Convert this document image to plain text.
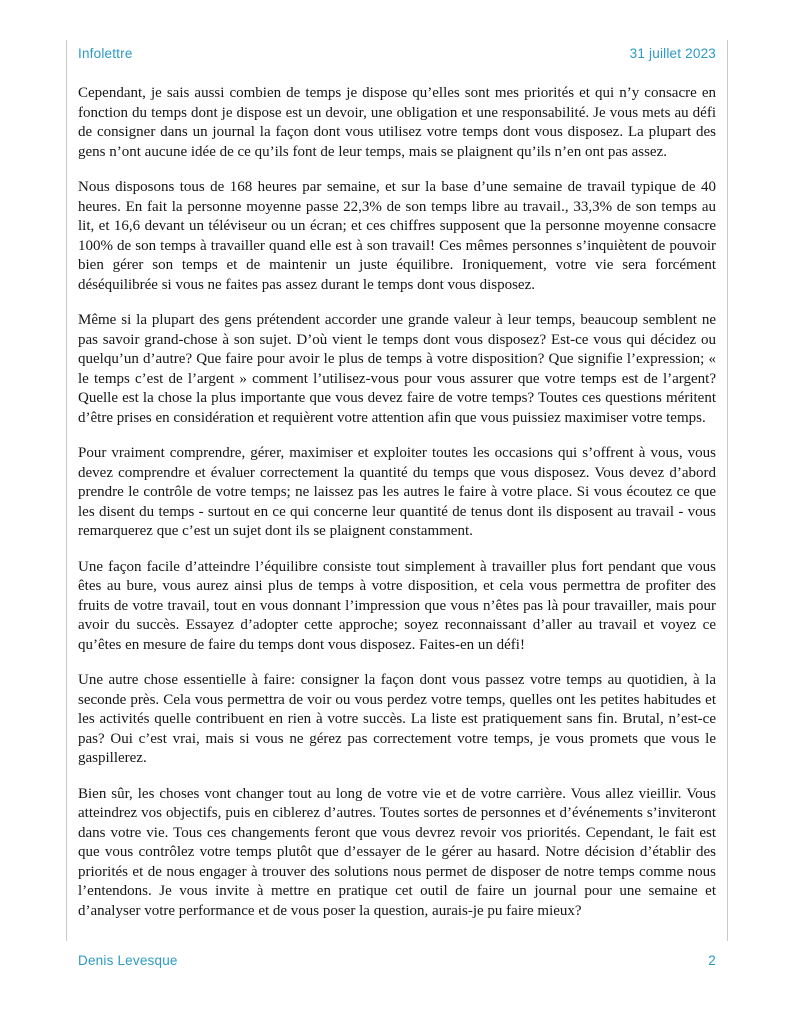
Infolettre	31 juillet 2023

Cependant, je sais aussi combien de temps je dispose qu’elles sont mes priorités et qui n’y consacre en fonction du temps dont je dispose est un devoir, une obligation et une responsabilité. Je vous mets au défi de consigner dans un journal la façon dont vous utilisez votre temps dont vous disposez. La plupart des gens n’ont aucune idée de ce qu’ils font de leur temps, mais se plaignent qu’ils n’en ont pas assez.

Nous disposons tous de 168 heures par semaine, et sur la base d’une semaine de travail typique de 40 heures. En fait la personne moyenne passe 22,3% de son temps libre au travail., 33,3% de son temps au lit, et 16,6 devant un téléviseur ou un écran; et ces chiffres supposent que la personne moyenne consacre 100% de son temps à travailler quand elle est à son travail! Ces mêmes personnes s’inquiètent de pouvoir bien gérer son temps et de maintenir un juste équilibre. Ironiquement, votre vie sera forcément déséquilibrée si vous ne faites pas assez durant le temps dont vous disposez.

Même si la plupart des gens prétendent accorder une grande valeur à leur temps, beaucoup semblent ne pas savoir grand-chose à son sujet. D’où vient le temps dont vous disposez? Est-ce vous qui décidez ou quelqu’un d’autre? Que faire pour avoir le plus de temps à votre disposition? Que signifie l’expression; « le temps c’est de l’argent » comment l’utilisez-vous pour vous assurer que votre temps est de l’argent? Quelle est la chose la plus importante que vous devez faire de votre temps? Toutes ces questions méritent d’être prises en considération et requièrent votre attention afin que vous puissiez maximiser votre temps.

Pour vraiment comprendre, gérer, maximiser et exploiter toutes les occasions qui s’offrent à vous, vous devez comprendre et évaluer correctement la quantité du temps que vous disposez. Vous devez d’abord prendre le contrôle de votre temps; ne laissez pas les autres le faire à votre place. Si vous écoutez ce que les disent du temps - surtout en ce qui concerne leur quantité de tenus dont ils disposent au travail - vous remarquerez que c’est un sujet dont ils se plaignent constamment.

Une façon facile d’atteindre l’équilibre consiste tout simplement à travailler plus fort pendant que vous êtes au bure, vous aurez ainsi plus de temps à votre disposition, et cela vous permettra de profiter des fruits de votre travail, tout en vous donnant l’impression que vous n’êtes pas là pour travailler, mais pour avoir du succès. Essayez d’adopter cette approche; soyez reconnaissant d’aller au travail et voyez ce qu’êtes en mesure de faire du temps dont vous disposez. Faites-en un défi!

Une autre chose essentielle à faire: consigner la façon dont vous passez votre temps au quotidien, à la seconde près. Cela vous permettra de voir ou vous perdez votre temps, quelles ont les petites habitudes et les activités quelle contribuent en rien à votre succès. La liste est pratiquement sans fin. Brutal, n’est-ce pas? Oui c’est vrai, mais si vous ne gérez pas correctement votre temps, je vous promets que vous le gaspillerez.

Bien sûr, les choses vont changer tout au long de votre vie et de votre carrière. Vous allez vieillir. Vous atteindrez vos objectifs, puis en ciblerez d’autres. Toutes sortes de personnes et d’événements s’inviteront dans votre vie. Tous ces changements feront que vous devrez revoir vos priorités. Cependant, le fait est que vous contrôlez votre temps plutôt que d’essayer de le gérer au hasard. Notre décision d’établir des priorités et de nous engager à trouver des solutions nous permet de disposer de notre temps comme nous l’entendons. Je vous invite à mettre en pratique cet outil de faire un journal pour une semaine et d’analyser votre performance et de vous poser la question, aurais-je pu faire mieux?

Denis Levesque	2
